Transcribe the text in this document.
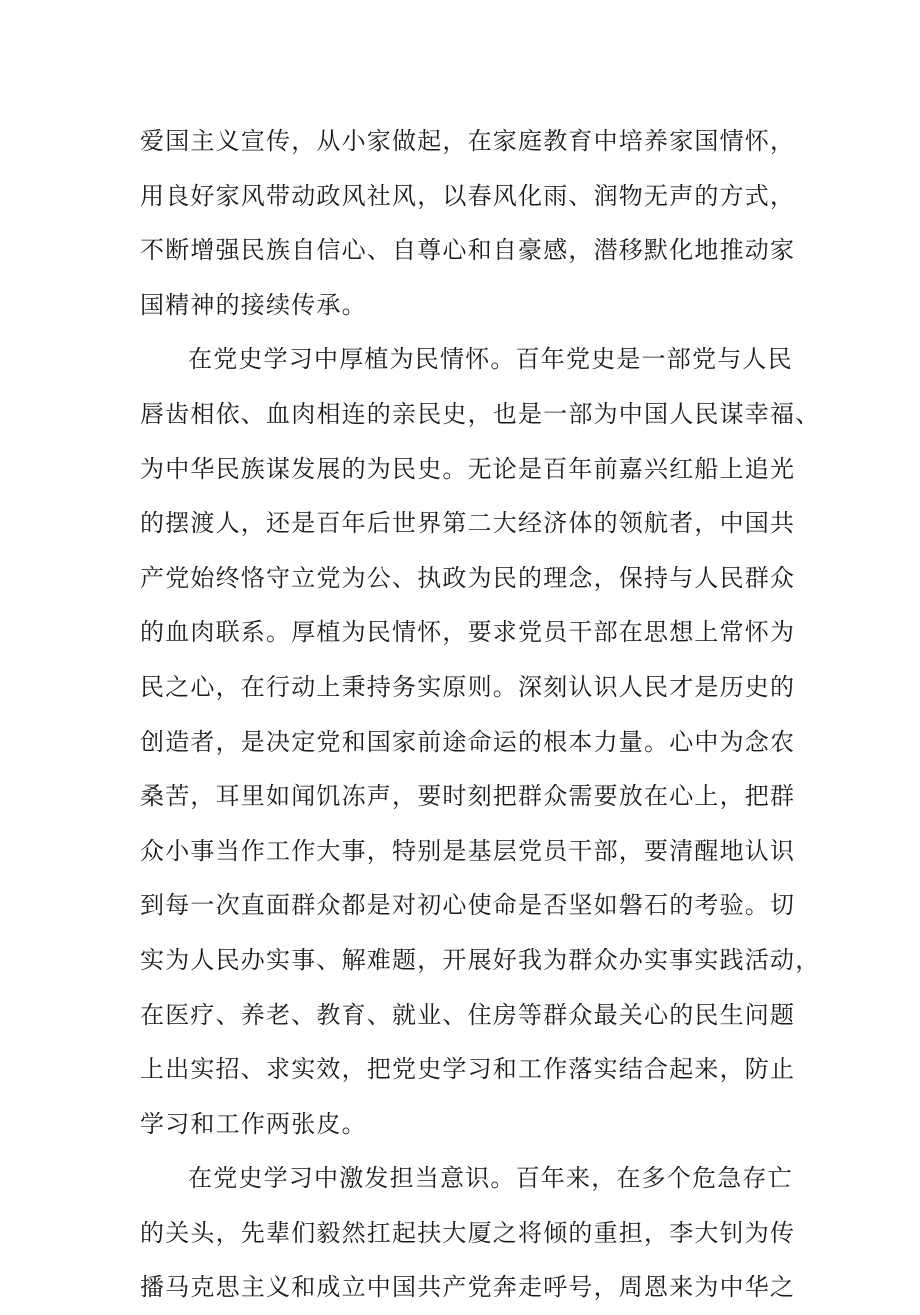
爱国主义宣传，从小家做起，在家庭教育中培养家国情怀，
用良好家风带动政风社风，以春风化雨、润物无声的方式，
不断增强民族自信心、自尊心和自豪感，潜移默化地推动家
国精神的接续传承。

在党史学习中厚植为民情怀。百年党史是一部党与人民
唇齿相依、血肉相连的亲民史，也是一部为中国人民谋幸福、
为中华民族谋发展的为民史。无论是百年前嘉兴红船上追光
的摆渡人，还是百年后世界第二大经济体的领航者，中国共
产党始终恪守立党为公、执政为民的理念，保持与人民群众
的血肉联系。厚植为民情怀，要求党员干部在思想上常怀为
民之心，在行动上秉持务实原则。深刻认识人民才是历史的
创造者，是决定党和国家前途命运的根本力量。心中为念农
桑苦，耳里如闻饥冻声，要时刻把群众需要放在心上，把群
众小事当作工作大事，特别是基层党员干部，要清醒地认识
到每一次直面群众都是对初心使命是否坚如磐石的考验。切
实为人民办实事、解难题，开展好我为群众办实事实践活动，
在医疗、养老、教育、就业、住房等群众最关心的民生问题
上出实招、求实效，把党史学习和工作落实结合起来，防止
学习和工作两张皮。

在党史学习中激发担当意识。百年来，在多个危急存亡
的关头，先辈们毅然扛起扶大厦之将倾的重担，李大钊为传
播马克思主义和成立中国共产党奔走呼号，周恩来为中华之
